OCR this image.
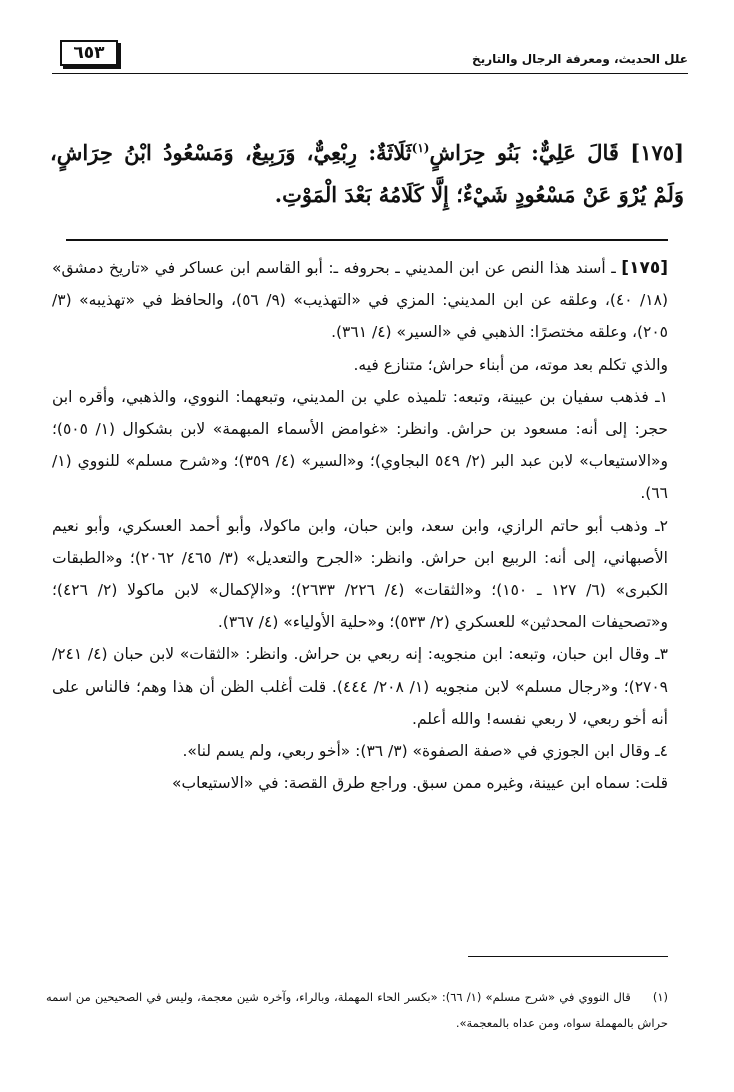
علل الحديث، ومعرفة الرجال والتاريخ
٦٥٣
[١٧٥] قَالَ عَلِيٌّ: بَنُو حِرَاشٍ$^{(١)}$ثَلَاثَةٌ: رِبْعِيٌّ، وَرَبِيعٌ، وَمَسْعُودُ ابْنُ حِرَاشٍ، وَلَمْ يُرْوَ عَنْ مَسْعُودٍ شَيْءٌ؛ إِلَّا كَلَامُهُ بَعْدَ الْمَوْتِ.

[١٧٥] ـ أسند هذا النص عن ابن المديني ـ بحروفه ـ: أبو القاسم ابن عساكر في «تاريخ دمشق» (١٨/ ٤٠)، وعلقه عن ابن المديني: المزي في «التهذيب» (٩/ ٥٦)، والحافظ في «تهذيبه» (٣/ ٢٠٥)، وعلقه مختصرًا: الذهبي في «السير» (٤/ ٣٦١).

والذي تكلم بعد موته، من أبناء حراش؛ متنازع فيه.

١ـ فذهب سفيان بن عيينة، وتبعه: تلميذه علي بن المديني، وتبعهما: النووي، والذهبي، وأقره ابن حجر: إلى أنه: مسعود بن حراش. وانظر: «غوامض الأسماء المبهمة» لابن بشكوال (١/ ٥٠٥)؛ و«الاستيعاب» لابن عبد البر (٢/ ٥٤٩ البجاوي)؛ و«السير» (٤/ ٣٥٩)؛ و«شرح مسلم» للنووي (١/ ٦٦).

٢ـ وذهب أبو حاتم الرازي، وابن سعد، وابن حبان، وابن ماكولا، وأبو أحمد العسكري، وأبو نعيم الأصبهاني، إلى أنه: الربيع ابن حراش. وانظر: «الجرح والتعديل» (٣/ ٤٦٥/ ٢٠٦٢)؛ و«الطبقات الكبرى» (٦/ ١٢٧ ـ ١٥٠)؛ و«الثقات» (٤/ ٢٢٦/ ٢٦٣٣)؛ و«الإكمال» لابن ماكولا (٢/ ٤٢٦)؛ و«تصحيفات المحدثين» للعسكري (٢/ ٥٣٣)؛ و«حلية الأولياء» (٤/ ٣٦٧).

٣ـ وقال ابن حبان، وتبعه: ابن منجويه: إنه ربعي بن حراش. وانظر: «الثقات» لابن حبان (٤/ ٢٤١/ ٢٧٠٩)؛ و«رجال مسلم» لابن منجويه (١/ ٢٠٨/ ٤٤٤). قلت أغلب الظن أن هذا وهم؛ فالناس على أنه أخو ربعي، لا ربعي نفسه! والله أعلم.

٤ـ وقال ابن الجوزي في «صفة الصفوة» (٣/ ٣٦): «أخو ربعي، ولم يسم لنا».

قلت: سماه ابن عيينة، وغيره ممن سبق. وراجع طرق القصة: في «الاستيعاب»

(١)قال النووي في «شرح مسلم» (١/ ٦٦): «بكسر الحاء المهملة، وبالراء، وآخره شين معجمة، وليس في الصحيحين من اسمه حراش بالمهملة سواه، ومن عداه بالمعجمة».
